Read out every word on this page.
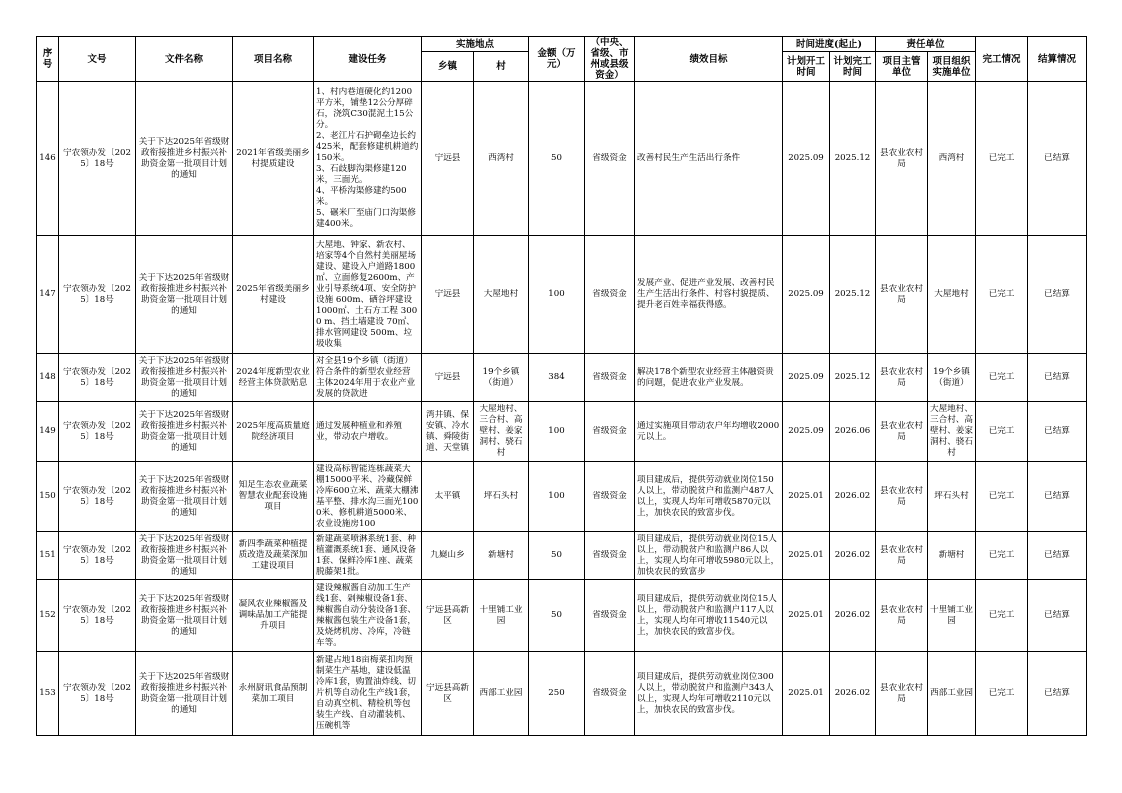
序号	文号	文件名称	项目名称	建设任务	实施地点		金额（万元）	（中央、省级、市州或县级资金）	绩效目标	时间进度(起止)		责任单位		完工情况	结算情况
					乡镇	村				计划开工时间	计划完工时间	项目主管单位	项目组织实施单位		

146	宁农领办发〔2025〕18号	关于下达2025年省级财政衔接推进乡村振兴补助资金第一批项目计划的通知	2021年省级美丽乡村提质建设	1、村内巷道硬化约1200平方米，铺垫12公分厚碎石，浇筑C30混泥土15公分。
2、老江片石护砌垒边长约425米，配套修建机耕道约150米。
3、石歧脚沟渠修建120米，三面光。
4、平桥沟渠修建约500米。
5、碾米厂至庙门口沟渠修建400米。	宁远县	西湾村	50	省级资金	改善村民生产生活出行条件	2025.09	2025.12	县农业农村局	西湾村	已完工	已结算

147	宁农领办发〔2025〕18号	关于下达2025年省级财政衔接推进乡村振兴补助资金第一批项目计划的通知	2025年省级美丽乡村建设	大屋地、钟家、新农村、培家等4个自然村美丽屋场建设、建设入户道路1800㎡、立面修复2600m、产业引导系统4项、安全防护设施 600m、硒谷坪建设 1000㎡、土石方工程 3000 m、挡土墙建设 70㎡、排水管网建设 500m、垃圾收集	宁远县	大屋地村	100	省级资金	发展产业、促进产业发展、改善村民生产生活出行条件、村容村貌提质、提升老百姓幸福获得感。	2025.09	2025.12	县农业农村局	大屋地村	已完工	已结算

148	宁农领办发〔2025〕18号	关于下达2025年省级财政衔接推进乡村振兴补助资金第一批项目计划的通知	2024年度新型农业经营主体贷款贴息	对全县19个乡镇（街道）符合条件的新型农业经营主体2024年用于农业产业发展的贷款进	宁远县	19个乡镇（街道）	384	省级资金	解决178个新型农业经营主体融资贵的问题，促进农业产业发展。	2025.09	2025.12	县农业农村局	19个乡镇（街道）	已完工	已结算

149	宁农领办发〔2025〕18号	关于下达2025年省级财政衔接推进乡村振兴补助资金第一批项目计划的通知	2025年度高质量庭院经济项目	通过发展种植业和养殖业，带动农户增收。	湾井镇、保安镇、冷水镇、舜陵街道、天堂镇	大屋地村、三合村、高壁村、姜家洞村、骁石村	100	省级资金	通过实施项目带动农户年均增收2000元以上。	2025.09	2026.06	县农业农村局	大屋地村、三合村、高壁村、姜家洞村、骁石村	已完工	已结算

150	宁农领办发〔2025〕18号	关于下达2025年省级财政衔接推进乡村振兴补助资金第一批项目计划的通知	知足生态农业蔬菜智慧农业配套设施项目	建设高标智能连栋蔬菜大棚15000平米、冷藏保鲜冷库600立米、蔬菜大棚沸基平整、排水沟三面光1000米、修机耕道5000米、农业设施房100	太平镇	坪石头村	100	省级资金	项目建成后，提供劳动就业岗位150人以上，带动脱贫户和监测户487人以上，实现人均年可增收5870元以上，加快农民的致富步伐。	2025.01	2026.02	县农业农村局	坪石头村	已完工	已结算

151	宁农领办发〔2025〕18号	关于下达2025年省级财政衔接推进乡村振兴补助资金第一批项目计划的通知	新四季蔬菜种植提质改造及蔬菜深加工建设项目	新建蔬菜喷淋系统1套、种植灌溉系统1套、通风设备1套、保鲜冷库1座、蔬菜脱藤架1批。	九嶷山乡	新塘村	50	省级资金	项目建成后，提供劳动就业岗位15人以上，带动脱贫户和监测户86人以上，实现人均年可增收5980元以上，加快农民的致富步	2025.01	2026.02	县农业农村局	新塘村	已完工	已结算

152	宁农领办发〔2025〕18号	关于下达2025年省级财政衔接推进乡村振兴补助资金第一批项目计划的通知	凝风农业辣椒酱及调味品加工产能提升项目	建设辣椒酱自动加工生产线1套、剁辣椒设备1套、辣椒酱自动分装设备1套、辣椒酱包装生产设备1套，及烧烤机房、冷库，冷链车等。	宁远县高新区	十里铺工业园	50	省级资金	项目建成后，提供劳动就业岗位15人以上，带动脱贫户和监测户117人以上，实现人均年可增收11540元以上，加快农民的致富步伐。	2025.01	2026.02	县农业农村局	十里铺工业园	已完工	已结算

153	宁农领办发〔2025〕18号	关于下达2025年省级财政衔接推进乡村振兴补助资金第一批项目计划的通知	永州厨讯食品预制菜加工项目	新建占地18亩梅菜扣肉预制菜生产基地，建设低温冷库1套，购置油炸线、切片机等自动化生产线1套，自动真空机、精检机等包装生产线、自动灌装机、压碗机等	宁远县高新区	西部工业园	250	省级资金	项目建成后，提供劳动就业岗位300人以上，带动脱贫户和监测户343人以上，实现人均年可增收2110元以上，加快农民的致富步伐。	2025.01	2026.02	县农业农村局	西部工业园	已完工	已结算
